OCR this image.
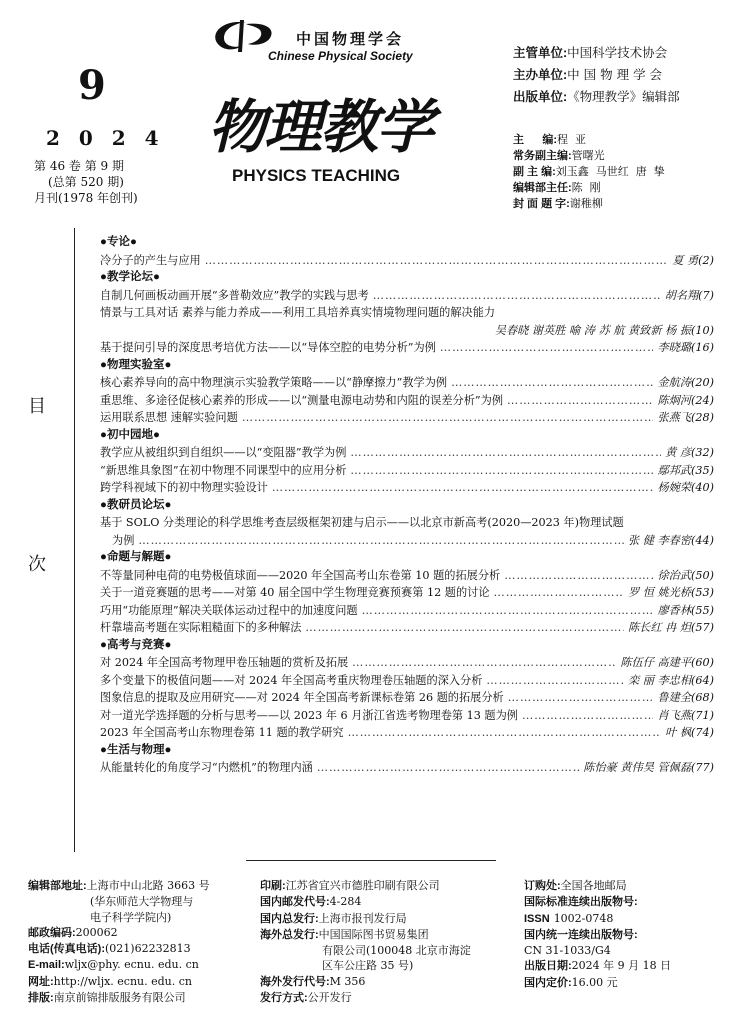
9
2 0 2 4
第 46 卷 第 9 期
(总第 520 期)
月刊(1978 年创刊)
中国物理学会
Chinese Physical Society
物理教学
PHYSICS TEACHING
主管单位:中国科学技术协会
主办单位:中 国 物 理 学 会
出版单位:《物理教学》编辑部
主      编:程  亚
常务副主编:管曙光
副 主 编:刘玉鑫  马世红  唐  挚
编辑部主任:陈  刚
封 面 题 字:谢稚柳
目
次
●专论●
冷分子的产生与应用 …………………………………………………………………………………………………………………………………………………………	夏 勇(2)
●教学论坛●
自制几何画板动画开展“多普勒效应”教学的实践与思考 …………………………………………………………………………………………………………………………………………………………	胡名翔(7)
情景与工具对话 素养与能力养成——利用工具培养真实情境物理问题的解决能力
吴春晓 谢英胜 喻 涛 苏 航 黄致新 杨 振(10)
基于提问引导的深度思考培优方法——以“导体空腔的电势分析”为例 …………………………………………………………………………………………………………………………………………………………	李晓璐(16)
●物理实验室●
核心素养导向的高中物理演示实验教学策略——以“静摩擦力”教学为例 …………………………………………………………………………………………………………………………………………………………	金航涛(20)
重思维、多途径促核心素养的形成——以“测量电源电动势和内阻的误差分析”为例 …………………………………………………………………………………………………………………………………………………………	陈炯河(24)
运用联系思想 速解实验问题 …………………………………………………………………………………………………………………………………………………………	张燕飞(28)
●初中园地●
教学应从被组织到自组织——以“变阻器”教学为例 …………………………………………………………………………………………………………………………………………………………	黄 彦(32)
“新思维具象图”在初中物理不同课型中的应用分析 …………………………………………………………………………………………………………………………………………………………	鄢邦武(35)
跨学科视域下的初中物理实验设计 …………………………………………………………………………………………………………………………………………………………	杨婉荣(40)
●教研员论坛●
基于 SOLO 分类理论的科学思维考查层级框架初建与启示——以北京市新高考(2020—2023 年)物理试题
为例 …………………………………………………………………………………………………………………………………………………………	张 健 李春密(44)
●命题与解题●
不等量同种电荷的电势极值球面——2020 年全国高考山东卷第 10 题的拓展分析 …………………………………………………………………………………………………………………………………………………………	徐治武(50)
关于一道竞赛题的思考——对第 40 届全国中学生物理竞赛预赛第 12 题的讨论 …………………………………………………………………………………………………………………………………………………………	罗 恒 姚光桥(53)
巧用“功能原理”解决关联体运动过程中的加速度问题 …………………………………………………………………………………………………………………………………………………………	廖香林(55)
杆靠墙高考题在实际粗糙面下的多种解法 …………………………………………………………………………………………………………………………………………………………	陈长红 冉 炟(57)
●高考与竞赛●
对 2024 年全国高考物理甲卷压轴题的赏析及拓展 …………………………………………………………………………………………………………………………………………………………	陈伍仔 高建平(60)
多个变量下的极值问题——对 2024 年全国高考重庆物理卷压轴题的深入分析 …………………………………………………………………………………………………………………………………………………………	栾 丽 李忠相(64)
图象信息的提取及应用研究——对 2024 年全国高考新课标卷第 26 题的拓展分析 …………………………………………………………………………………………………………………………………………………………	鲁建全(68)
对一道光学选择题的分析与思考——以 2023 年 6 月浙江省选考物理卷第 13 题为例 …………………………………………………………………………………………………………………………………………………………	肖飞燕(71)
2023 年全国高考山东物理卷第 11 题的教学研究 …………………………………………………………………………………………………………………………………………………………	叶 枫(74)
●生活与物理●
从能量转化的角度学习“内燃机”的物理内涵 …………………………………………………………………………………………………………………………………………………………	陈怡豪 黄伟昊 管佩磊(77)
编辑部地址:上海市中山北路 3663 号
(华东师范大学物理与
电子科学学院内)
邮政编码:200062
电话(传真电话):(021)62232813
E-mail:wljx@phy. ecnu. edu. cn
网址:http://wljx. ecnu. edu. cn
排版:南京前锦排版服务有限公司
印刷:江苏省宜兴市德胜印刷有限公司
国内邮发代号:4-284
国内总发行:上海市报刊发行局
海外总发行:中国国际图书贸易集团
有限公司(100048 北京市海淀
区车公庄路 35 号)
海外发行代号:M 356
发行方式:公开发行
订购处:全国各地邮局
国际标准连续出版物号:
ISSN 1002-0748
国内统一连续出版物号:
CN 31-1033/G4
出版日期:2024 年 9 月 18 日
国内定价:16.00 元
